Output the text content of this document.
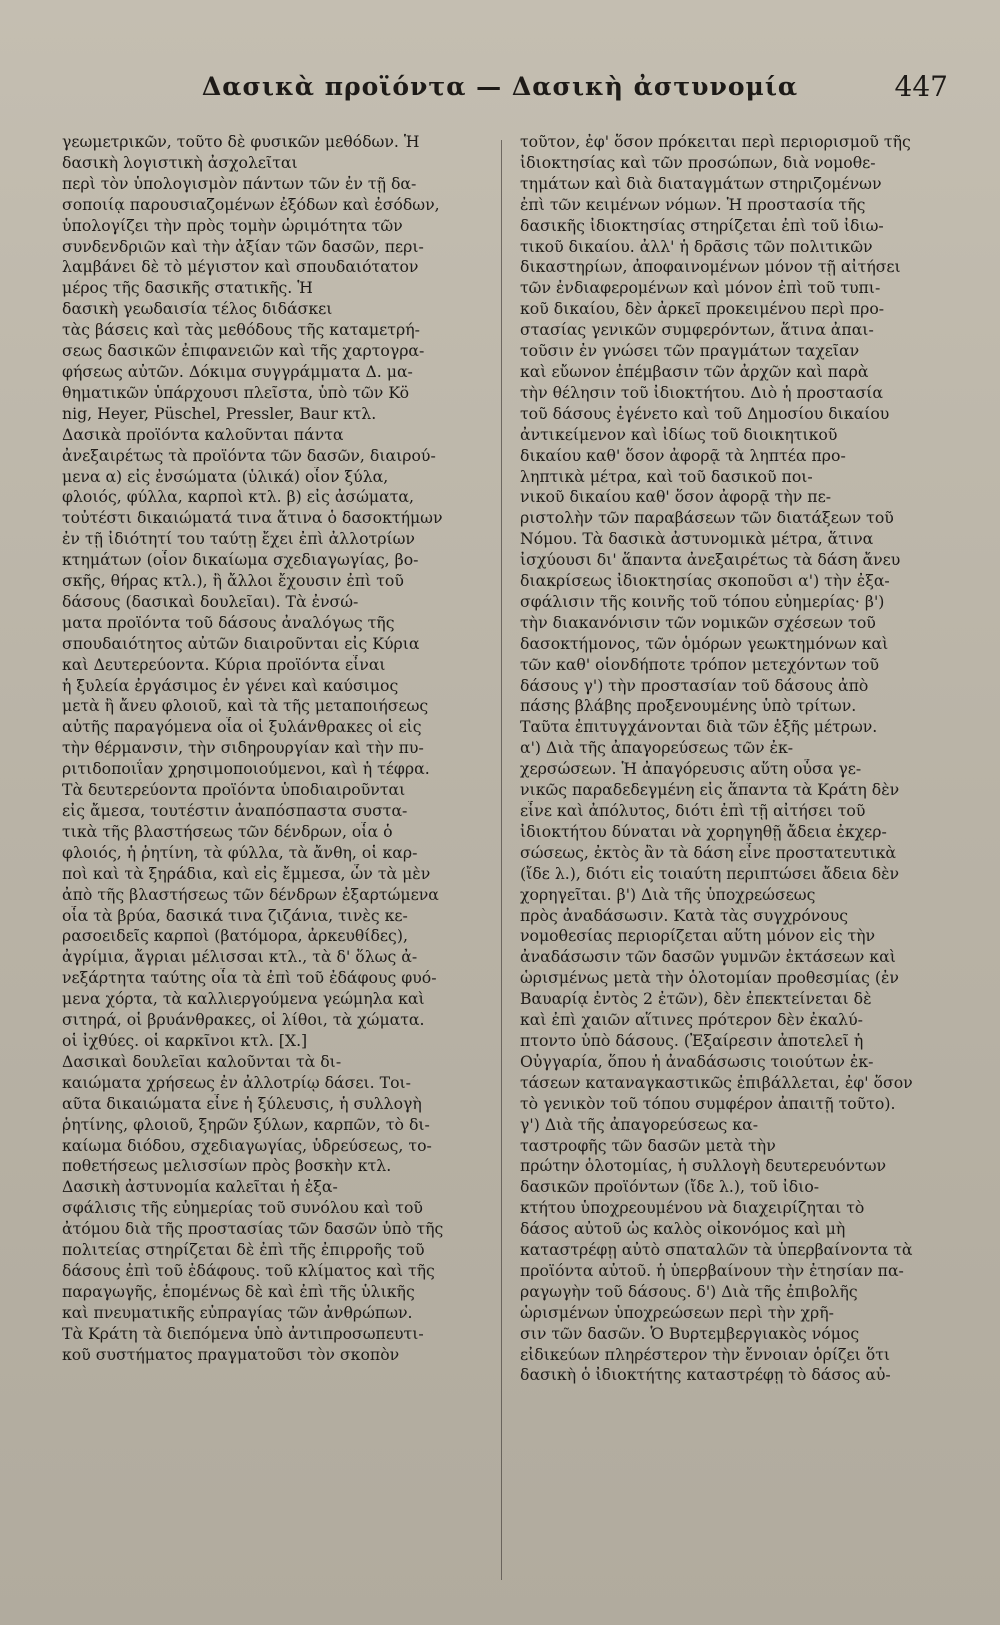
Δασικὰ προϊόντα — Δασικὴ ἀστυνομία	447
γεωμετρικῶν, τοῦτο δὲ φυσικῶν μεθόδων. Ἡ
δασικὴ λογιστικὴ ἀσχολεῖται
περὶ τὸν ὑπολογισμὸν πάντων τῶν ἐν τῇ δα-
σοποιίᾳ παρουσιαζομένων ἐξόδων καὶ ἐσόδων,
ὑπολογίζει τὴν πρὸς τομὴν ὡριμότητα τῶν
συνδενδριῶν καὶ τὴν ἀξίαν τῶν δασῶν, περι-
λαμβάνει δὲ τὸ μέγιστον καὶ σπουδαιότατον
μέρος τῆς δασικῆς στατικῆς. Ἡ
δασικὴ γεωδαισία τέλος διδάσκει
τὰς βάσεις καὶ τὰς μεθόδους τῆς καταμετρή-
σεως δασικῶν ἐπιφανειῶν καὶ τῆς χαρτογρα-
φήσεως αὐτῶν. Δόκιμα συγγράμματα Δ. μα-
θηματικῶν ὑπάρχουσι πλεῖστα, ὑπὸ τῶν Kö
nig, Heyer, Püschel, Pressler, Baur κτλ.
Δασικὰ προϊόντα καλοῦνται πάντα
ἀνεξαιρέτως τὰ προϊόντα τῶν δασῶν, διαιρού-
μενα α) εἰς ἐνσώματα (ὑλικά) οἷον ξύλα,
φλοιός, φύλλα, καρποὶ κτλ. β) εἰς ἀσώματα,
τοὐτέστι δικαιώματά τινα ἅτινα ὁ δασοκτήμων
ἐν τῇ ἰδιότητί του ταύτῃ ἔχει ἐπὶ ἀλλοτρίων
κτημάτων (οἷον δικαίωμα σχεδιαγωγίας, βο-
σκῆς, θήρας κτλ.), ἢ ἄλλοι ἔχουσιν ἐπὶ τοῦ
δάσους (δασικαὶ δουλεῖαι). Τὰ ἐνσώ-
ματα προϊόντα τοῦ δάσους ἀναλόγως τῆς
σπουδαιότητος αὐτῶν διαιροῦνται εἰς Κύρια
καὶ Δευτερεύοντα. Κύρια προϊόντα εἶναι
ἡ ξυλεία ἐργάσιμος ἐν γένει καὶ καύσιμος
μετὰ ἢ ἄνευ φλοιοῦ, καὶ τὰ τῆς μεταποιήσεως
αὐτῆς παραγόμενα οἷα οἱ ξυλάνθρακες οἱ εἰς
τὴν θέρμανσιν, τὴν σιδηρουργίαν καὶ τὴν πυ-
ριτιδοποιΐαν χρησιμοποιούμενοι, καὶ ἡ τέφρα.
Τὰ δευτερεύοντα προϊόντα ὑποδιαιροῦνται
εἰς ἄμεσα, τουτέστιν ἀναπόσπαστα συστα-
τικὰ τῆς βλαστήσεως τῶν δένδρων, οἷα ὁ
φλοιός, ἡ ῥητίνη, τὰ φύλλα, τὰ ἄνθη, οἱ καρ-
ποὶ καὶ τὰ ξηράδια, καὶ εἰς ἔμμεσα, ὧν τὰ μὲν
ἀπὸ τῆς βλαστήσεως τῶν δένδρων ἐξαρτώμενα
οἷα τὰ βρύα, δασικά τινα ζιζάνια, τινὲς κε-
ρασοειδεῖς καρποὶ (βατόμορα, ἀρκευθίδες),
ἀγρίμια, ἄγριαι μέλισσαι κτλ., τὰ δ' ὅλως ἀ-
νεξάρτητα ταύτης οἷα τὰ ἐπὶ τοῦ ἐδάφους φυό-
μενα χόρτα, τὰ καλλιεργούμενα γεώμηλα καὶ
σιτηρά, οἱ βρυάνθρακες, οἱ λίθοι, τὰ χώματα.
οἱ ἰχθύες. οἱ καρκῖνοι κτλ. [Χ.]
Δασικαὶ δουλεῖαι καλοῦνται τὰ δι-
καιώματα χρήσεως ἐν ἀλλοτρίῳ δάσει. Τοι-
αῦτα δικαιώματα εἶνε ἡ ξύλευσις, ἡ συλλογὴ
ῥητίνης, φλοιοῦ, ξηρῶν ξύλων, καρπῶν, τὸ δι-
καίωμα διόδου, σχεδιαγωγίας, ὑδρεύσεως, το-
ποθετήσεως μελισσίων πρὸς βοσκὴν κτλ.
Δασικὴ ἀστυνομία καλεῖται ἡ ἐξα-
σφάλισις τῆς εὐημερίας τοῦ συνόλου καὶ τοῦ
ἀτόμου διὰ τῆς προστασίας τῶν δασῶν ὑπὸ τῆς
πολιτείας στηρίζεται δὲ ἐπὶ τῆς ἐπιρροῆς τοῦ
δάσους ἐπὶ τοῦ ἐδάφους. τοῦ κλίματος καὶ τῆς
παραγωγῆς, ἑπομένως δὲ καὶ ἐπὶ τῆς ὑλικῆς
καὶ πνευματικῆς εὐπραγίας τῶν ἀνθρώπων.
Τὰ Κράτη τὰ διεπόμενα ὑπὸ ἀντιπροσωπευτι-
κοῦ συστήματος πραγματοῦσι τὸν σκοπὸν
τοῦτον, ἐφ' ὅσον πρόκειται περὶ περιορισμοῦ τῆς
ἰδιοκτησίας καὶ τῶν προσώπων, διὰ νομοθε-
τημάτων καὶ διὰ διαταγμάτων στηριζομένων
ἐπὶ τῶν κειμένων νόμων. Ἡ προστασία τῆς
δασικῆς ἰδιοκτησίας στηρίζεται ἐπὶ τοῦ ἰδιω-
τικοῦ δικαίου. ἀλλ' ἡ δρᾶσις τῶν πολιτικῶν
δικαστηρίων, ἀποφαινομένων μόνον τῇ αἰτήσει
τῶν ἐνδιαφερομένων καὶ μόνον ἐπὶ τοῦ τυπι-
κοῦ δικαίου, δὲν ἀρκεῖ προκειμένου περὶ προ-
στασίας γενικῶν συμφερόντων, ἅτινα ἀπαι-
τοῦσιν ἐν γνώσει τῶν πραγμάτων ταχεῖαν
καὶ εὔωνον ἐπέμβασιν τῶν ἀρχῶν καὶ παρὰ
τὴν θέλησιν τοῦ ἰδιοκτήτου. Διὸ ἡ προστασία
τοῦ δάσους ἐγένετο καὶ τοῦ Δημοσίου δικαίου
ἀντικείμενον καὶ ἰδίως τοῦ διοικητικοῦ
δικαίου καθ' ὅσον ἀφορᾷ τὰ ληπτέα προ-
ληπτικὰ μέτρα, καὶ τοῦ δασικοῦ ποι-
νικοῦ δικαίου καθ' ὅσον ἀφορᾷ τὴν πε-
ριστολὴν τῶν παραβάσεων τῶν διατάξεων τοῦ
Νόμου. Τὰ δασικὰ ἀστυνομικὰ μέτρα, ἅτινα
ἰσχύουσι δι' ἅπαντα ἀνεξαιρέτως τὰ δάση ἄνευ
διακρίσεως ἰδιοκτησίας σκοποῦσι α') τὴν ἐξα-
σφάλισιν τῆς κοινῆς τοῦ τόπου εὐημερίας· β')
τὴν διακανόνισιν τῶν νομικῶν σχέσεων τοῦ
δασοκτήμονος, τῶν ὁμόρων γεωκτημόνων καὶ
τῶν καθ' οἱονδήποτε τρόπον μετεχόντων τοῦ
δάσους γ') τὴν προστασίαν τοῦ δάσους ἀπὸ
πάσης βλάβης προξενουμένης ὑπὸ τρίτων.
Ταῦτα ἐπιτυγχάνονται διὰ τῶν ἑξῆς μέτρων.
α') Διὰ τῆς ἀπαγορεύσεως τῶν ἐκ-
χερσώσεων. Ἡ ἀπαγόρευσις αὕτη οὖσα γε-
νικῶς παραδεδεγμένη εἰς ἅπαντα τὰ Κράτη δὲν
εἶνε καὶ ἀπόλυτος, διότι ἐπὶ τῇ αἰτήσει τοῦ
ἰδιοκτήτου δύναται νὰ χορηγηθῇ ἄδεια ἐκχερ-
σώσεως, ἐκτὸς ἂν τὰ δάση εἶνε προστατευτικὰ
(ἴδε λ.), διότι εἰς τοιαύτη περιπτώσει ἄδεια δὲν
χορηγεῖται. β') Διὰ τῆς ὑποχρεώσεως
πρὸς ἀναδάσωσιν. Κατὰ τὰς συγχρόνους
νομοθεσίας περιορίζεται αὕτη μόνον εἰς τὴν
ἀναδάσωσιν τῶν δασῶν γυμνῶν ἐκτάσεων καὶ
ὡρισμένως μετὰ τὴν ὁλοτομίαν προθεσμίας (ἐν
Βαυαρίᾳ ἐντὸς 2 ἐτῶν), δὲν ἐπεκτείνεται δὲ
καὶ ἐπὶ χαιῶν αἵτινες πρότερον δὲν ἐκαλύ-
πτοντο ὑπὸ δάσους. (Ἐξαίρεσιν ἀποτελεῖ ἡ
Οὐγγαρία, ὅπου ἡ ἀναδάσωσις τοιούτων ἐκ-
τάσεων καταναγκαστικῶς ἐπιβάλλεται, ἐφ' ὅσον
τὸ γενικὸν τοῦ τόπου συμφέρον ἀπαιτῇ τοῦτο).
γ') Διὰ τῆς ἀπαγορεύσεως κα-
ταστροφῆς τῶν δασῶν μετὰ τὴν
πρώτην ὁλοτομίας, ἡ συλλογὴ δευτερευόντων
δασικῶν προϊόντων (ἴδε λ.), τοῦ ἰδιο-
κτήτου ὑποχρεουμένου νὰ διαχειρίζηται τὸ
δάσος αὐτοῦ ὡς καλὸς οἰκονόμος καὶ μὴ
καταστρέφῃ αὐτὸ σπαταλῶν τὰ ὑπερβαίνοντα τὰ
προϊόντα αὐτοῦ. ἡ ὑπερβαίνουν τὴν ἐτησίαν πα-
ραγωγὴν τοῦ δάσους. δ') Διὰ τῆς ἐπιβολῆς
ὡρισμένων ὑποχρεώσεων περὶ τὴν χρῆ-
σιν τῶν δασῶν. Ὁ Βυρτεμβεργιακὸς νόμος
εἰδικεύων πληρέστερον τὴν ἔννοιαν ὁρίζει ὅτι
δασικὴ ὁ ἰδιοκτήτης καταστρέφῃ τὸ δάσος αὐ-
